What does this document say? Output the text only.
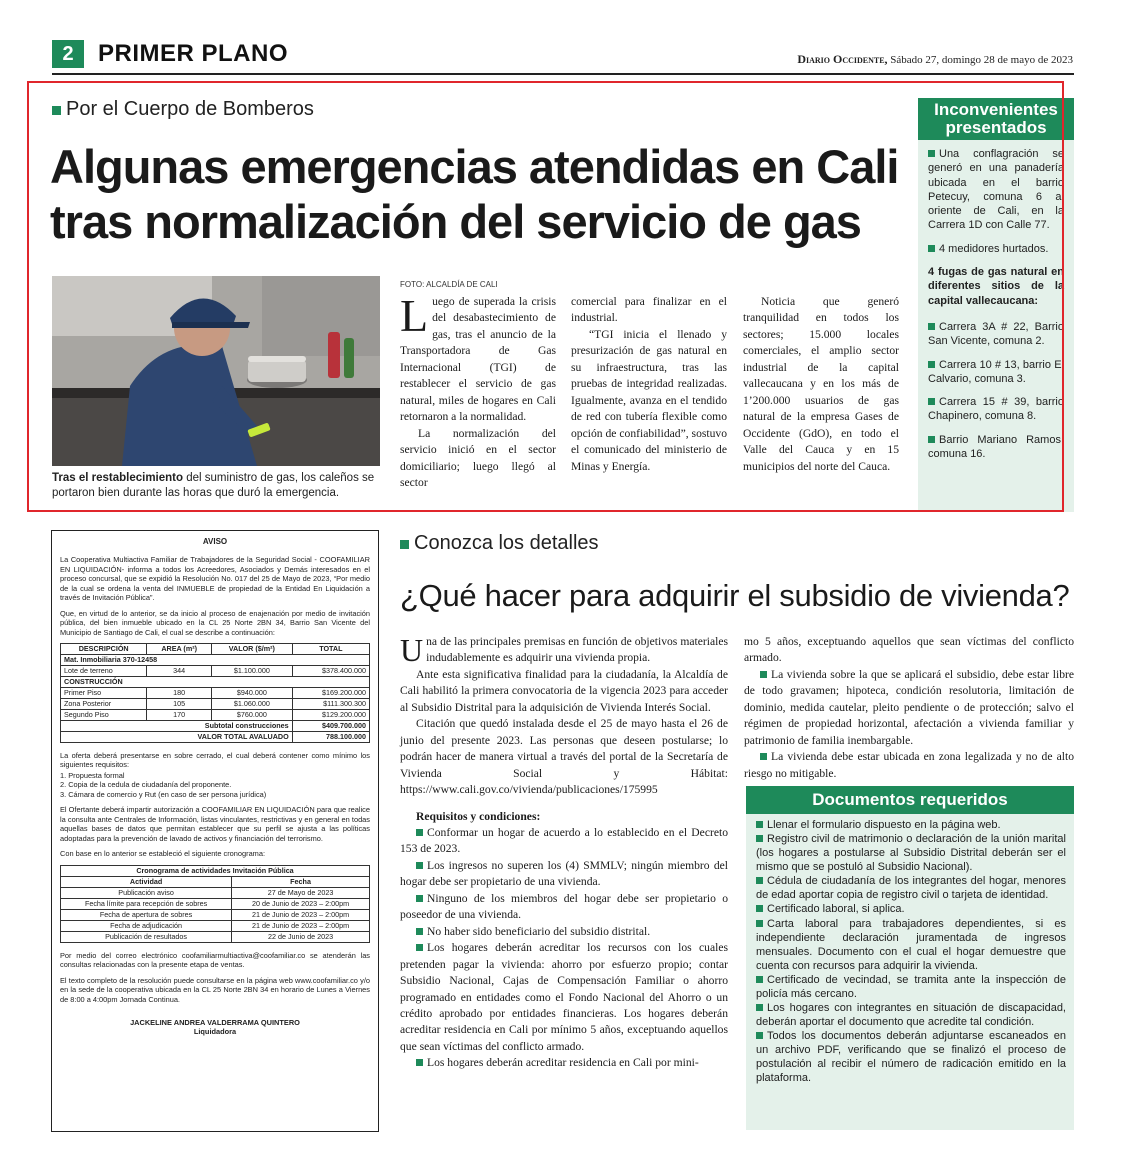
2	PRIMER PLANO	Diario Occidente, Sábado 27, domingo 28 de mayo de 2023
Por el Cuerpo de Bomberos
Algunas emergencias atendidas en Cali tras normalización del servicio de gas
Tras el restablecimiento del suministro de gas, los caleños se portaron bien durante las horas que duró la emergencia.
FOTO: ALCALDÍA DE CALI

Luego de superada la crisis del desabastecimiento de gas, tras el anuncio de la Transportadora de Gas Internacional (TGI) de restablecer el servicio de gas natural, miles de hogares en Cali retornaron a la normalidad.

La normalización del servicio inició en el sector domiciliario; luego llegó al sector

comercial para finalizar en el industrial.

“TGI inicia el llenado y presurización de gas natural en su infraestructura, tras las pruebas de integridad realizadas. Igualmente, avanza en el tendido de red con tubería flexible como opción de confiabilidad”, sostuvo el comunicado del ministerio de Minas y Energía.

Noticia que generó tranquilidad en todos los sectores; 15.000 locales comerciales, el amplio sector industrial de la capital vallecaucana y en los más de 1’200.000 usuarios de gas natural de la empresa Gases de Occidente (GdO), en todo el Valle del Cauca y en 15 municipios del norte del Cauca.

Inconvenientes presentados

Una conflagración se generó en una panadería ubicada en el barrio Petecuy, comuna 6 al oriente de Cali, en la Carrera 1D con Calle 77.

4 medidores hurtados.

4 fugas de gas natural en diferentes sitios de la capital vallecaucana:

Carrera 3A # 22, Barrio San Vicente, comuna 2.

Carrera 10 # 13, barrio El Calvario, comuna 3.

Carrera 15 # 39, barrio Chapinero, comuna 8.

Barrio Mariano Ramos, comuna 16.

AVISO

La Cooperativa Multiactiva Familiar de Trabajadores de la Seguridad Social - COOFAMILIAR EN LIQUIDACIÓN- informa a todos los Acreedores, Asociados y Demás interesados en el proceso concursal, que se expidió la Resolución No. 017 del 25 de Mayo de 2023, “Por medio de la cual se ordena la venta del INMUEBLE de propiedad de la Entidad En Liquidación a través de Invitación Pública”.

Que, en virtud de lo anterior, se da inicio al proceso de enajenación por medio de invitación pública, del bien inmueble ubicado en la CL 25 Norte 2BN 34, Barrio San Vicente del Municipio de Santiago de Cali, el cual se describe a continuación:

DESCRIPCIÓN	AREA (m²)	VALOR ($/m²)	TOTAL
Mat. Inmobiliaria 370-12458			
Lote de terreno	344	$1.100.000	$378.400.000
CONSTRUCCIÓN			
Primer Piso	180	$940.000	$169.200.000
Zona Posterior	105	$1.060.000	$111.300.300
Segundo Piso	170	$760.000	$129.200.000
Subtotal construcciones			$409.700.000
VALOR TOTAL AVALUADO			788.100.000

La oferta deberá presentarse en sobre cerrado, el cual deberá contener como mínimo los siguientes requisitos:

1. Propuesta formal
2. Copia de la cedula de ciudadanía del proponente.
3. Cámara de comercio y Rut (en caso de ser persona jurídica)

El Ofertante deberá impartir autorización a COOFAMILIAR EN LIQUIDACIÓN para que realice la consulta ante Centrales de Información, listas vinculantes, restrictivas y en general en todas aquellas bases de datos que permitan establecer que su perfil se ajusta a las políticas adoptadas para la prevención de lavado de activos y financiación del terrorismo.

Con base en lo anterior se estableció el siguiente cronograma:

Cronograma de actividades Invitación Pública	
Actividad	Fecha
Publicación aviso	27 de Mayo de 2023
Fecha límite para recepción de sobres	20 de Junio de 2023 – 2:00pm
Fecha de apertura de sobres	21 de Junio de 2023 – 2:00pm
Fecha de adjudicación	21 de Junio de 2023 – 2:00pm
Publicación de resultados	22 de Junio de 2023

Por medio del correo electrónico coofamiliarmultiactiva@coofamiliar.co se atenderán las consultas relacionadas con la presente etapa de ventas.

El texto completo de la resolución puede consultarse en la página web www.coofamiliar.co y/o en la sede de la cooperativa ubicada en la CL 25 Norte 2BN 34 en horario de Lunes a Viernes de 8:00 a 4:00pm Jornada Continua.

JACKELINE ANDREA VALDERRAMA QUINTERO
Liquidadora
Conozca los detalles
¿Qué hacer para adquirir el subsidio de vivienda?

Una de las principales premisas en función de objetivos materiales indudablemente es adquirir una vivienda propia.

Ante esta significativa finalidad para la ciudadanía, la Alcaldía de Cali habilitó la primera convocatoria de la vigencia 2023 para acceder al Subsidio Distrital para la adquisición de Vivienda Interés Social.

Citación que quedó instalada desde el 25 de mayo hasta el 26 de junio del presente 2023. Las personas que deseen postularse; lo podrán hacer de manera virtual a través del portal de la Secretaría de Vivienda Social y Hábitat: https://www.cali.gov.co/vivienda/publicaciones/175995

Requisitos y condiciones:

Conformar un hogar de acuerdo a lo establecido en el Decreto 153 de 2023.

Los ingresos no superen los (4) SMMLV; ningún miembro del hogar debe ser propietario de una vivienda.

Ninguno de los miembros del hogar debe ser propietario o poseedor de una vivienda.

No haber sido beneficiario del subsidio distrital.

Los hogares deberán acreditar los recursos con los cuales pretenden pagar la vivienda: ahorro por esfuerzo propio; contar Subsidio Nacional, Cajas de Compensación Familiar o ahorro programado en entidades como el Fondo Nacional del Ahorro o un crédito aprobado por entidades financieras. Los hogares deberán acreditar residencia en Cali por mínimo 5 años, exceptuando aquellos que sean víctimas del conflicto armado.

Los hogares deberán acreditar residencia en Cali por mini-

mo 5 años, exceptuando aquellos que sean víctimas del conflicto armado.

La vivienda sobre la que se aplicará el subsidio, debe estar libre de todo gravamen; hipoteca, condición resolutoria, limitación de dominio, medida cautelar, pleito pendiente o de protección; salvo el régimen de propiedad horizontal, afectación a vivienda familiar y patrimonio de familia inembargable.

La vivienda debe estar ubicada en zona legalizada y no de alto riesgo no mitigable.

Documentos requeridos

Llenar el formulario dispuesto en la página web.

Registro civil de matrimonio o declaración de la unión marital (los hogares a postularse al Subsidio Distrital deberán ser el mismo que se postuló al Subsidio Nacional).

Cédula de ciudadanía de los integrantes del hogar, menores de edad aportar copia de registro civil o tarjeta de identidad.

Certificado laboral, si aplica.

Carta laboral para trabajadores dependientes, si es independiente declaración juramentada de ingresos mensuales. Documento con el cual el hogar demuestre que cuenta con recursos para adquirir la vivienda.

Certificado de vecindad, se tramita ante la inspección de policía más cercano.

Los hogares con integrantes en situación de discapacidad, deberán aportar el documento que acredite tal condición.

Todos los documentos deberán adjuntarse escaneados en un archivo PDF, verificando que se finalizó el proceso de postulación al recibir el número de radicación emitido en la plataforma.
